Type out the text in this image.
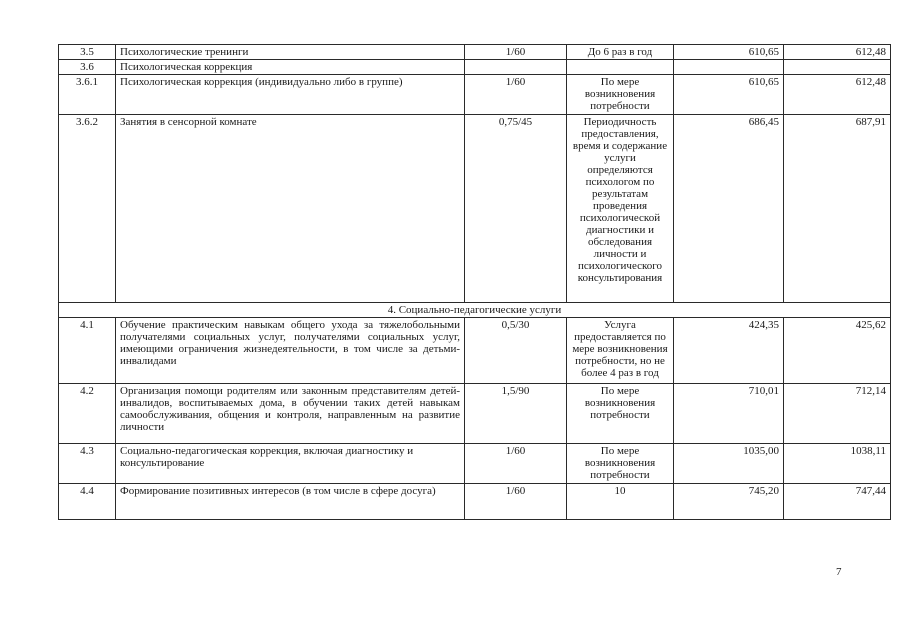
3.5	Психологические тренинги	1/60	До 6 раз в год	610,65	612,48
3.6	Психологическая коррекция				
3.6.1	Психологическая коррекция (индивидуально либо в группе)	1/60	По мере возникновения потребности	610,65	612,48
3.6.2	Занятия в сенсорной комнате	0,75/45	Периодичность предоставления, время и содержание услуги определяются психологом по результатам проведения психологической диагностики и обследования личности и психологического консультирования	686,45	687,91
4. Социально-педагогические услуги					
4.1	Обучение практическим навыкам общего ухода за тяжелобольными получателями социальных услуг, получателями социальных услуг, имеющими ограничения жизнедеятельности, в том числе за детьми-инвалидами	0,5/30	Услуга предоставляется по мере возникновения потребности, но не более 4 раз в год	424,35	425,62
4.2	Организация помощи родителям или законным представителям детей-инвалидов, воспитываемых дома, в обучении таких детей навыкам самообслуживания, общения и контроля, направленным на развитие личности	1,5/90	По мере возникновения потребности	710,01	712,14
4.3	Социально-педагогическая коррекция, включая диагностику и консультирование	1/60	По мере возникновения потребности	1035,00	1038,11
4.4	Формирование позитивных интересов (в том числе в сфере досуга)	1/60	10	745,20	747,44
7
